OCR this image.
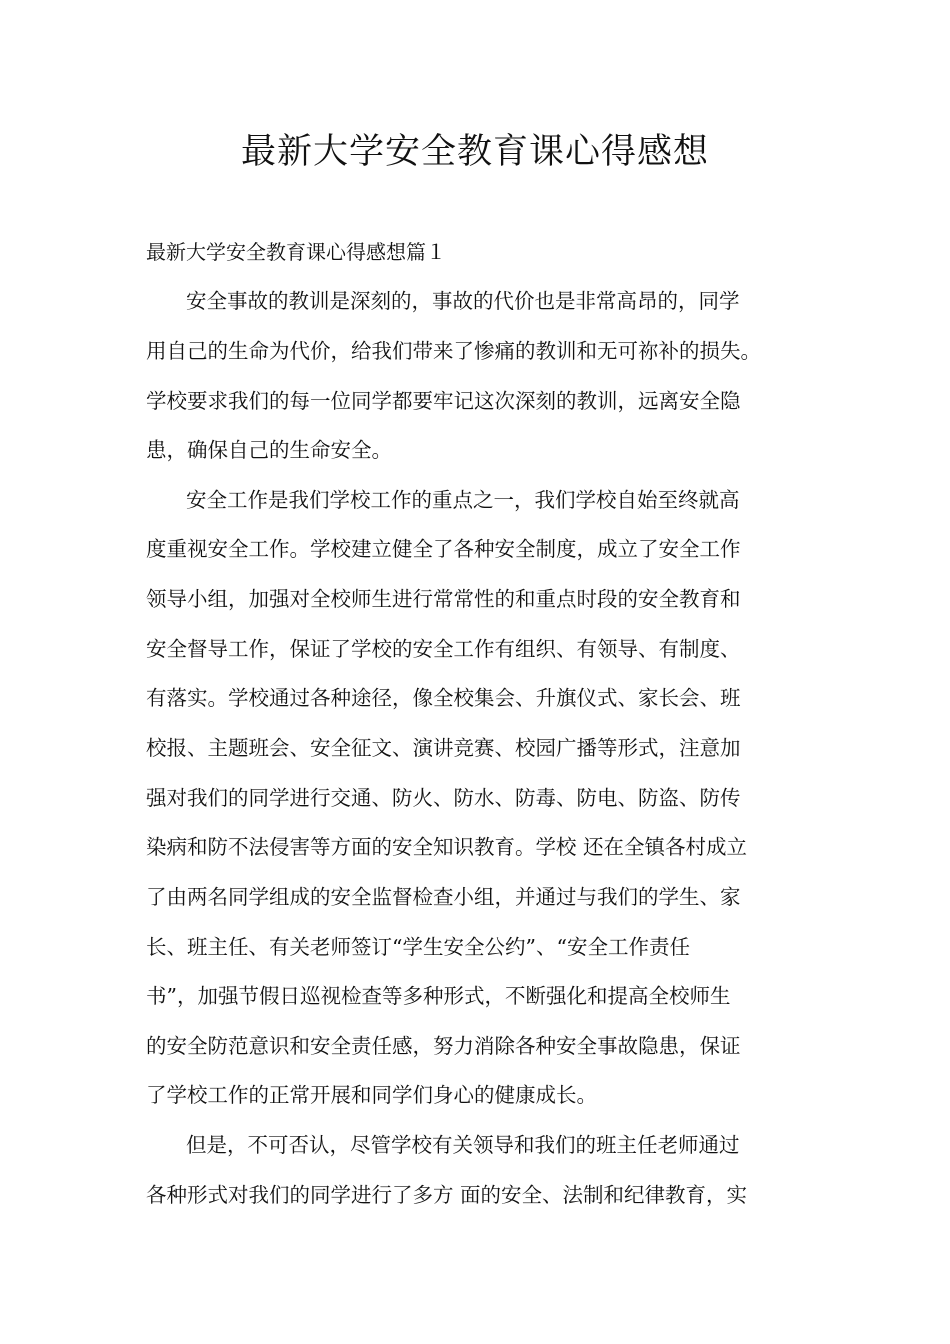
最新大学安全教育课心得感想

最新大学安全教育课心得感想篇１

安全事故的教训是深刻的，事故的代价也是非常高昂的，同学

用自己的生命为代价，给我们带来了惨痛的教训和无可祢补的损失。

学校要求我们的每一位同学都要牢记这次深刻的教训，远离安全隐

患，确保自己的生命安全。

安全工作是我们学校工作的重点之一，我们学校自始至终就高

度重视安全工作。学校建立健全了各种安全制度，成立了安全工作

领导小组，加强对全校师生进行常常性的和重点时段的安全教育和

安全督导工作，保证了学校的安全工作有组织、有领导、有制度、

有落实。学校通过各种途径，像全校集会、升旗仪式、家长会、班

校报、主题班会、安全征文、演讲竞赛、校园广播等形式，注意加

强对我们的同学进行交通、防火、防水、防毒、防电、防盗、防传

染病和防不法侵害等方面的安全知识教育。学校 还在全镇各村成立

了由两名同学组成的安全监督检查小组，并通过与我们的学生、家

长、班主任、有关老师签订“学生安全公约”、“安全工作责任

书”，加强节假日巡视检查等多种形式，不断强化和提高全校师生

的安全防范意识和安全责任感，努力消除各种安全事故隐患，保证

了学校工作的正常开展和同学们身心的健康成长。

但是，不可否认，尽管学校有关领导和我们的班主任老师通过

各种形式对我们的同学进行了多方 面的安全、法制和纪律教育，实
